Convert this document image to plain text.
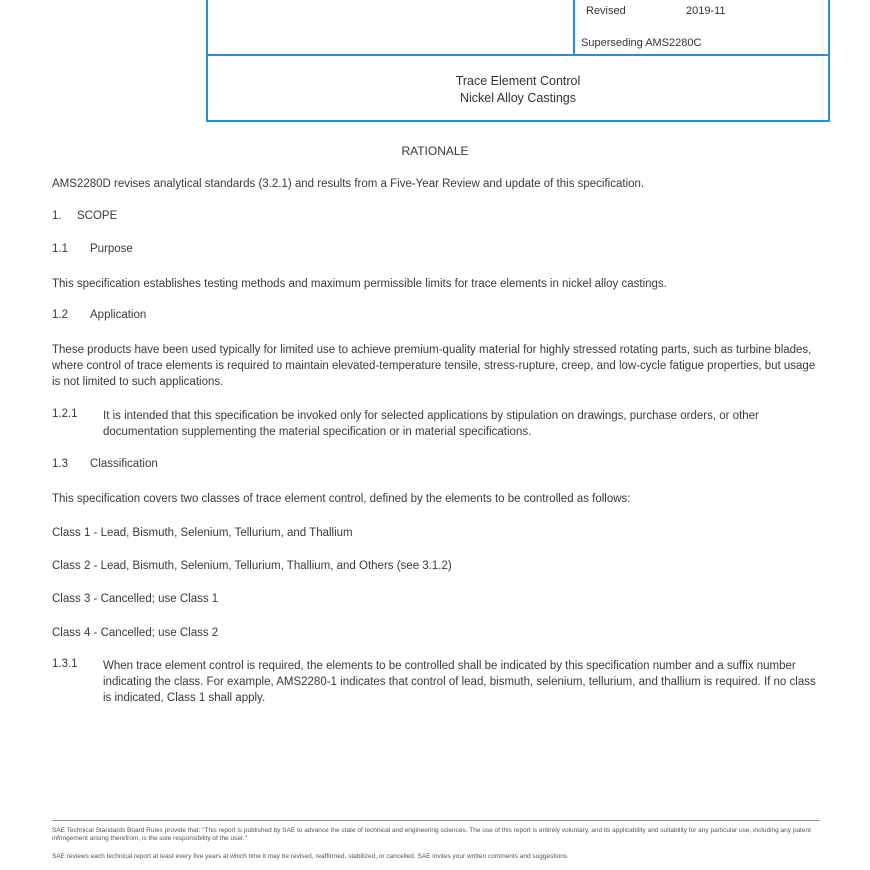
Revised	2019-11
Superseding AMS2280C
Trace Element Control
Nickel Alloy Castings
RATIONALE
AMS2280D revises analytical standards (3.2.1) and results from a Five-Year Review and update of this specification.
1. SCOPE
1.1 Purpose
This specification establishes testing methods and maximum permissible limits for trace elements in nickel alloy castings.
1.2 Application
These products have been used typically for limited use to achieve premium-quality material for highly stressed rotating parts, such as turbine blades, where control of trace elements is required to maintain elevated-temperature tensile, stress-rupture, creep, and low-cycle fatigue properties, but usage is not limited to such applications.
1.2.1 It is intended that this specification be invoked only for selected applications by stipulation on drawings, purchase orders, or other documentation supplementing the material specification or in material specifications.
1.3 Classification
This specification covers two classes of trace element control, defined by the elements to be controlled as follows:
Class 1 - Lead, Bismuth, Selenium, Tellurium, and Thallium
Class 2 - Lead, Bismuth, Selenium, Tellurium, Thallium, and Others (see 3.1.2)
Class 3 - Cancelled; use Class 1
Class 4 - Cancelled; use Class 2
1.3.1 When trace element control is required, the elements to be controlled shall be indicated by this specification number and a suffix number indicating the class. For example, AMS2280-1 indicates that control of lead, bismuth, selenium, tellurium, and thallium is required. If no class is indicated, Class 1 shall apply.
SAE Technical Standards Board Rules provide that: "This report is published by SAE to advance the state of technical and engineering sciences. The use of this report is entirely voluntary, and its applicability and suitability for any particular use, including any patent infringement arising therefrom, is the sole responsibility of the user."
SAE reviews each technical report at least every five years at which time it may be revised, reaffirmed, stabilized, or cancelled. SAE invites your written comments and suggestions.
